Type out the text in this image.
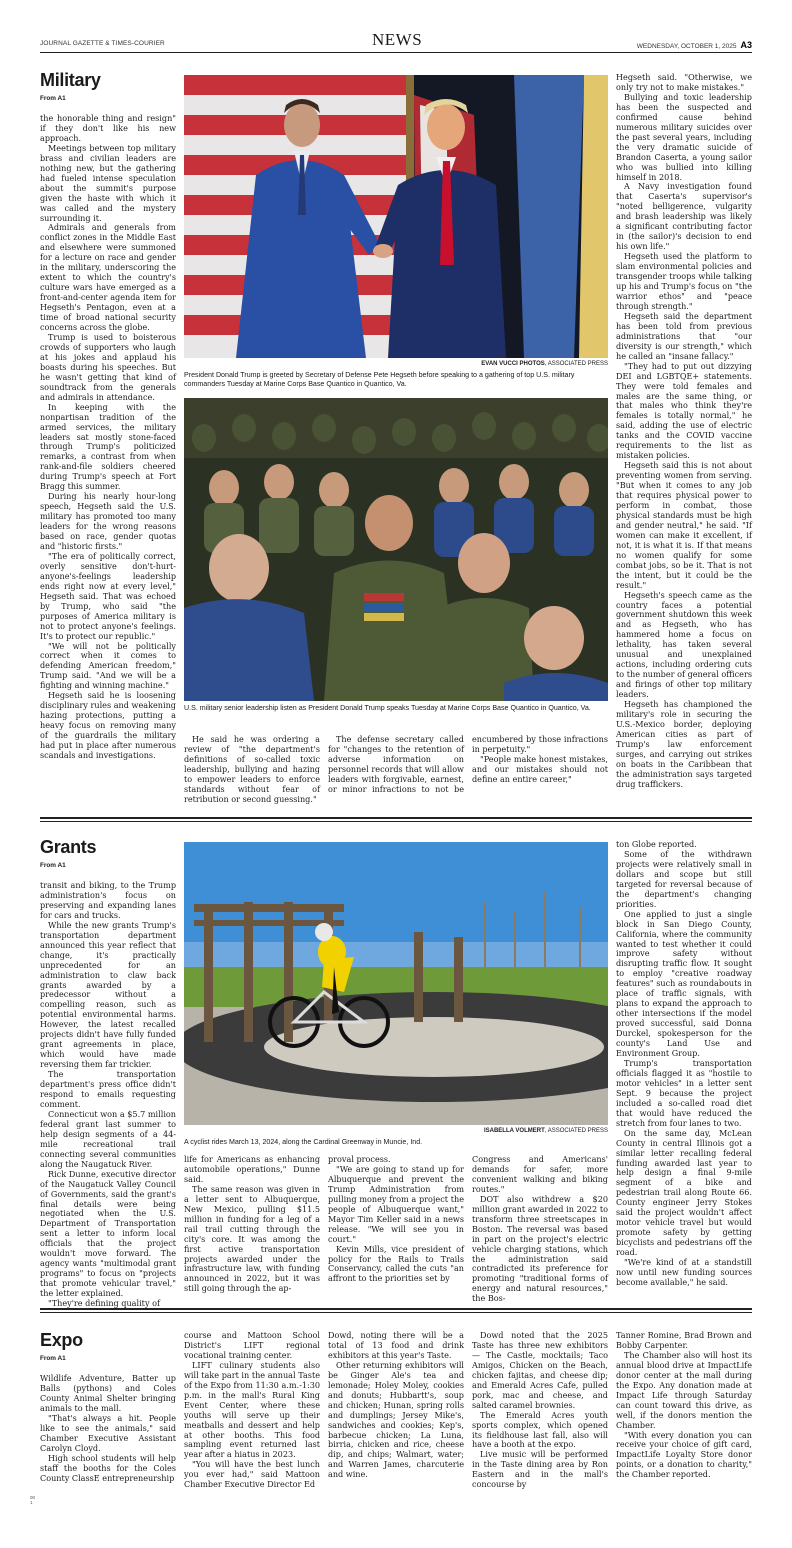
JOURNAL GAZETTE & TIMES-COURIER	NEWS	WEDNESDAY, OCTOBER 1, 2025 A3
Military
From A1

the honorable thing and resign" if they don't like his new approach.

Meetings between top military brass and civilian leaders are nothing new, but the gathering had fueled intense speculation about the summit's purpose given the haste with which it was called and the mystery surrounding it.

Admirals and generals from conflict zones in the Middle East and elsewhere were summoned for a lecture on race and gender in the military, underscoring the extent to which the country's culture wars have emerged as a front-and-center agenda item for Hegseth's Pentagon, even at a time of broad national security concerns across the globe.

Trump is used to boisterous crowds of supporters who laugh at his jokes and applaud his boasts during his speeches. But he wasn't getting that kind of soundtrack from the generals and admirals in attendance.

In keeping with the nonpartisan tradition of the armed services, the military leaders sat mostly stone-faced through Trump's politicized remarks, a contrast from when rank-and-file soldiers cheered during Trump's speech at Fort Bragg this summer.

During his nearly hour-long speech, Hegseth said the U.S. military has promoted too many leaders for the wrong reasons based on race, gender quotas and "historic firsts."

"The era of politically correct, overly sensitive don't-hurt-anyone's-feelings leadership ends right now at every level," Hegseth said. That was echoed by Trump, who said "the purposes of America military is not to protect anyone's feelings. It's to protect our republic."

"We will not be politically correct when it comes to defending American freedom," Trump said. "And we will be a fighting and winning machine."

Hegseth said he is loosening disciplinary rules and weakening hazing protections, putting a heavy focus on removing many of the guardrails the military had put in place after numerous scandals and investigations.

EVAN VUCCI PHOTOS, ASSOCIATED PRESS
President Donald Trump is greeted by Secretary of Defense Pete Hegseth before speaking to a gathering of top U.S. military commanders Tuesday at Marine Corps Base Quantico in Quantico, Va.
U.S. military senior leadership listen as President Donald Trump speaks Tuesday at Marine Corps Base Quantico in Quantico, Va.

He said he was ordering a review of "the department's definitions of so-called toxic leadership, bullying and hazing to empower leaders to enforce standards without fear of retribution or second guessing."

The defense secretary called for "changes to the retention of adverse information on personnel records that will allow leaders with forgivable, earnest, or minor infractions to not be encumbered by those infractions in perpetuity."

"People make honest mistakes, and our mistakes should not define an entire career,"

Hegseth said. "Otherwise, we only try not to make mistakes."

Bullying and toxic leadership has been the suspected and confirmed cause behind numerous military suicides over the past several years, including the very dramatic suicide of Brandon Caserta, a young sailor who was bullied into killing himself in 2018.

A Navy investigation found that Caserta's supervisor's "noted belligerence, vulgarity and brash leadership was likely a significant contributing factor in (the sailor)'s decision to end his own life."

Hegseth used the platform to slam environmental policies and transgender troops while talking up his and Trump's focus on "the warrior ethos" and "peace through strength."

Hegseth said the department has been told from previous administrations that "our diversity is our strength," which he called an "insane fallacy."

"They had to put out dizzying DEI and LGBTQE+ statements. They were told females and males are the same thing, or that males who think they're females is totally normal," he said, adding the use of electric tanks and the COVID vaccine requirements to the list as mistaken policies.

Hegseth said this is not about preventing women from serving. "But when it comes to any job that requires physical power to perform in combat, those physical standards must be high and gender neutral," he said. "If women can make it excellent, if not, it is what it is. If that means no women qualify for some combat jobs, so be it. That is not the intent, but it could be the result."

Hegseth's speech came as the country faces a potential government shutdown this week and as Hegseth, who has hammered home a focus on lethality, has taken several unusual and unexplained actions, including ordering cuts to the number of general officers and firings of other top military leaders.

Hegseth has championed the military's role in securing the U.S.-Mexico border, deploying American cities as part of Trump's law enforcement surges, and carrying out strikes on boats in the Caribbean that the administration says targeted drug traffickers.

Grants
From A1

transit and biking, to the Trump administration's focus on preserving and expanding lanes for cars and trucks.

While the new grants Trump's transportation department announced this year reflect that change, it's practically unprecedented for an administration to claw back grants awarded by a predecessor without a compelling reason, such as potential environmental harms. However, the latest recalled projects didn't have fully funded grant agreements in place, which would have made reversing them far trickier.

The transportation department's press office didn't respond to emails requesting comment.

Connecticut won a $5.7 million federal grant last summer to help design segments of a 44-mile recreational trail connecting several communities along the Naugatuck River.

Rick Dunne, executive director of the Naugatuck Valley Council of Governments, said the grant's final details were being negotiated when the U.S. Department of Transportation sent a letter to inform local officials that the project wouldn't move forward. The agency wants "multimodal grant programs" to focus on "projects that promote vehicular travel," the letter explained.

"They're defining quality of

ISABELLA VOLMERT, ASSOCIATED PRESS
A cyclist rides March 13, 2024, along the Cardinal Greenway in Muncie, Ind.

life for Americans as enhancing automobile operations," Dunne said.

The same reason was given in a letter sent to Albuquerque, New Mexico, pulling $11.5 million in funding for a leg of a rail trail cutting through the city's core. It was among the first active transportation projects awarded under the infrastructure law, with funding announced in 2022, but it was still going through the ap-

proval process.

"We are going to stand up for Albuquerque and prevent the Trump Administration from pulling money from a project the people of Albuquerque want," Mayor Tim Keller said in a news release. "We will see you in court."

Kevin Mills, vice president of policy for the Rails to Trails Conservancy, called the cuts "an affront to the priorities set by

Congress and Americans' demands for safer, more convenient walking and biking routes."

DOT also withdrew a $20 million grant awarded in 2022 to transform three streetscapes in Boston. The reversal was based in part on the project's electric vehicle charging stations, which the administration said contradicted its preference for promoting "traditional forms of energy and natural resources," the Bos-

ton Globe reported.

Some of the withdrawn projects were relatively small in dollars and scope but still targeted for reversal because of the department's changing priorities.

One applied to just a single block in San Diego County, California, where the community wanted to test whether it could improve safety without disrupting traffic flow. It sought to employ "creative roadway features" such as roundabouts in place of traffic signals, with plans to expand the approach to other intersections if the model proved successful, said Donna Durckel, spokesperson for the county's Land Use and Environment Group.

Trump's transportation officials flagged it as "hostile to motor vehicles" in a letter sent Sept. 9 because the project included a so-called road diet that would have reduced the stretch from four lanes to two.

On the same day, McLean County in central Illinois got a similar letter recalling federal funding awarded last year to help design a final 9-mile segment of a bike and pedestrian trail along Route 66. County engineer Jerry Stokes said the project wouldn't affect motor vehicle travel but would promote safety by getting bicyclists and pedestrians off the road.

"We're kind of at a standstill now until new funding sources become available," he said.

Expo
From A1

Wildlife Adventure, Batter up Balls (pythons) and Coles County Animal Shelter bringing animals to the mall.

"That's always a hit. People like to see the animals," said Chamber Executive Assistant Carolyn Cloyd.

High school students will help staff the booths for the Coles County ClassE entrepreneurship

course and Mattoon School District's LIFT regional vocational training center.

LIFT culinary students also will take part in the annual Taste of the Expo from 11:30 a.m.-1:30 p.m. in the mall's Rural King Event Center, where these youths will serve up their meatballs and dessert and help at other booths. This food sampling event returned last year after a hiatus in 2023.

"You will have the best lunch you ever had," said Mattoon Chamber Executive Director Ed

Dowd, noting there will be a total of 13 food and drink exhibitors at this year's Taste.

Other returning exhibitors will be Ginger Ale's tea and lemonade; Holey Moley, cookies and donuts; Hubbartt's, soup and chicken; Hunan, spring rolls and dumplings; Jersey Mike's, sandwiches and cookies; Kep's, barbecue chicken; La Luna, birria, chicken and rice, cheese dip, and chips; Walmart, water; and Warren James, charcuterie and wine.

Dowd noted that the 2025 Taste has three new exhibitors — The Castle, mocktails; Taco Amigos, Chicken on the Beach, chicken fajitas, and cheese dip; and Emerald Acres Cafe, pulled pork, mac and cheese, and salted caramel brownies.

The Emerald Acres youth sports complex, which opened its fieldhouse last fall, also will have a booth at the expo.

Live music will be performed in the Taste dining area by Ron Eastern and in the mall's concourse by

Tanner Romine, Brad Brown and Bobby Carpenter.

The Chamber also will host its annual blood drive at ImpactLife donor center at the mall during the Expo. Any donation made at Impact Life through Saturday can count toward this drive, as well, if the donors mention the Chamber.

"With every donation you can receive your choice of gift card, ImpactLife Loyalty Store donor points, or a donation to charity," the Chamber reported.

00
1
